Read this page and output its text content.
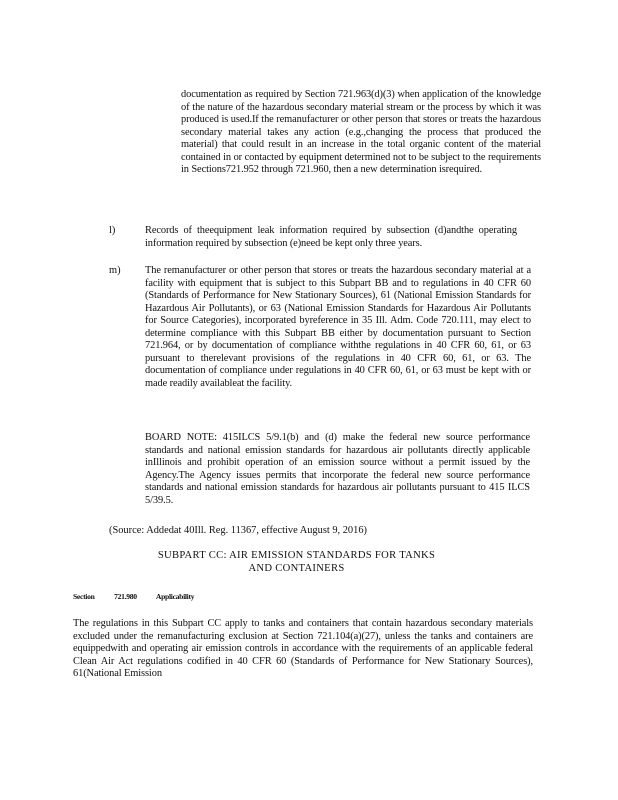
documentation as required by Section 721.963(d)(3) when application of the knowledge of the nature of the hazardous secondary material stream or the process by which it was produced is used.If the remanufacturer or other person that stores or treats the hazardous secondary material takes any action (e.g.,changing the process that produced the material) that could result in an increase in the total organic content of the material contained in or contacted by equipment determined not to be subject to the requirements in Sections721.952 through 721.960, then a new determination isrequired.
l)	Records of theequipment leak information required by subsection (d)andthe operating information required by subsection (e)need be kept only three years.
m) The remanufacturer or other person that stores or treats the hazardous secondary material at a facility with equipment that is subject to this Subpart BB and to regulations in 40 CFR 60 (Standards of Performance for New Stationary Sources), 61 (National Emission Standards for Hazardous Air Pollutants), or 63 (National Emission Standards for Hazardous Air Pollutants for Source Categories), incorporated byreference in 35 Ill. Adm. Code 720.111, may elect to determine compliance with this Subpart BB either by documentation pursuant to Section 721.964, or by documentation of compliance withthe regulations in 40 CFR 60, 61, or 63 pursuant to therelevant provisions of the regulations in 40 CFR 60, 61, or 63. The documentation of compliance under regulations in 40 CFR 60, 61, or 63 must be kept with or made readily availableat the facility.
BOARD NOTE: 415ILCS 5/9.1(b) and (d) make the federal new source performance standards and national emission standards for hazardous air pollutants directly applicable inIllinois and prohibit operation of an emission source without a permit issued by the Agency.The Agency issues permits that incorporate the federal new source performance standards and national emission standards for hazardous air pollutants pursuant to 415 ILCS 5/39.5.
(Source: Addedat 40Ill. Reg. 11367, effective August 9, 2016)
SUBPART CC: AIR EMISSION STANDARDS FOR TANKS
AND CONTAINERS
Section	721.980	Applicability
The regulations in this Subpart CC apply to tanks and containers that contain hazardous secondary materials excluded under the remanufacturing exclusion at Section 721.104(a)(27), unless the tanks and containers are equippedwith and operating air emission controls in accordance with the requirements of an applicable federal Clean Air Act regulations codified in 40 CFR 60 (Standards of Performance for New Stationary Sources), 61(National Emission
